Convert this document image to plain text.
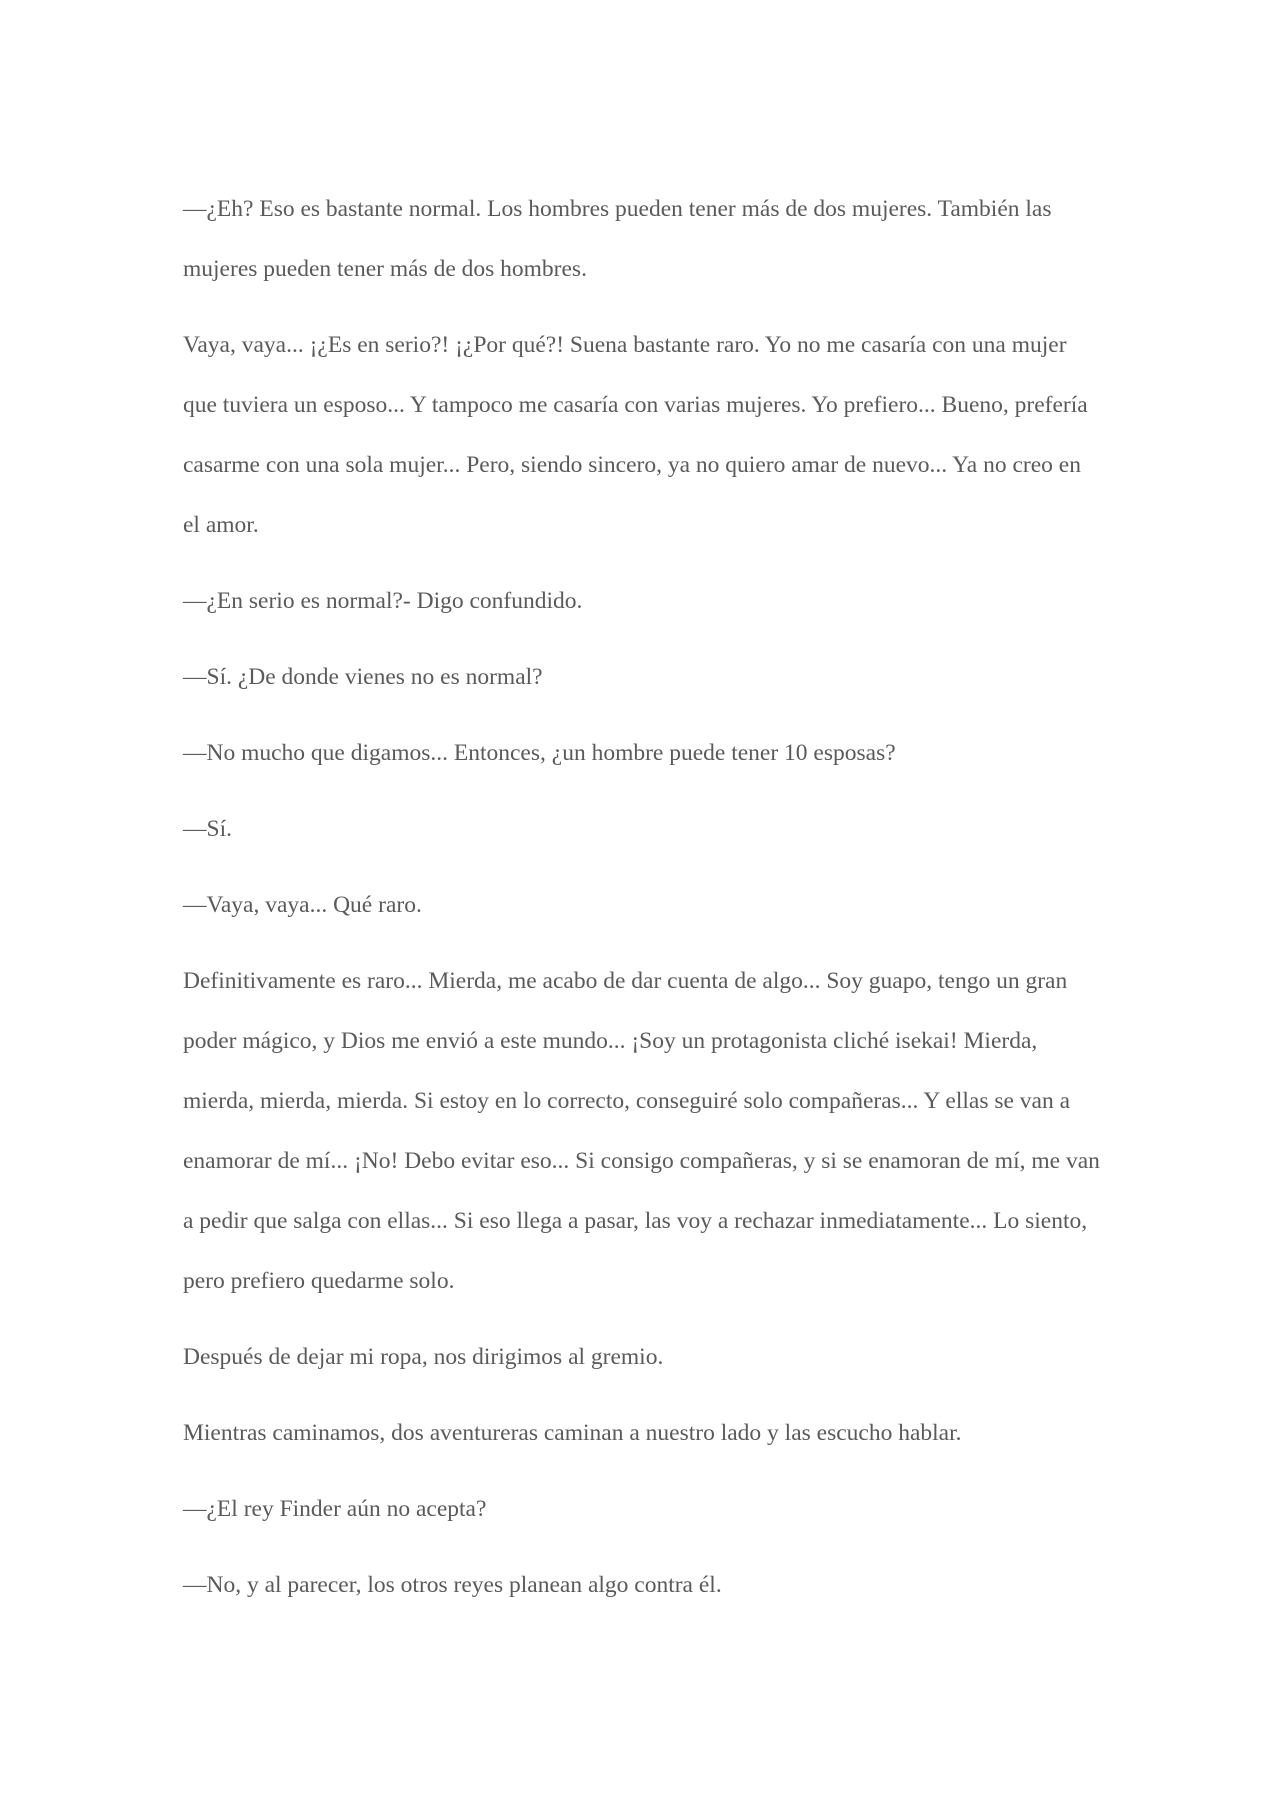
—¿Eh? Eso es bastante normal. Los hombres pueden tener más de dos mujeres. También las mujeres pueden tener más de dos hombres.

Vaya, vaya... ¡¿Es en serio?! ¡¿Por qué?! Suena bastante raro. Yo no me casaría con una mujer que tuviera un esposo... Y tampoco me casaría con varias mujeres. Yo prefiero... Bueno, prefería casarme con una sola mujer... Pero, siendo sincero, ya no quiero amar de nuevo... Ya no creo en el amor.

—¿En serio es normal?- Digo confundido.

—Sí. ¿De donde vienes no es normal?

—No mucho que digamos... Entonces, ¿un hombre puede tener 10 esposas?

—Sí.

—Vaya, vaya... Qué raro.

Definitivamente es raro... Mierda, me acabo de dar cuenta de algo... Soy guapo, tengo un gran poder mágico, y Dios me envió a este mundo... ¡Soy un protagonista cliché isekai! Mierda, mierda, mierda, mierda. Si estoy en lo correcto, conseguiré solo compañeras... Y ellas se van a enamorar de mí... ¡No! Debo evitar eso... Si consigo compañeras, y si se enamoran de mí, me van a pedir que salga con ellas... Si eso llega a pasar, las voy a rechazar inmediatamente... Lo siento, pero prefiero quedarme solo.

Después de dejar mi ropa, nos dirigimos al gremio.

Mientras caminamos, dos aventureras caminan a nuestro lado y las escucho hablar.

—¿El rey Finder aún no acepta?

—No, y al parecer, los otros reyes planean algo contra él.
